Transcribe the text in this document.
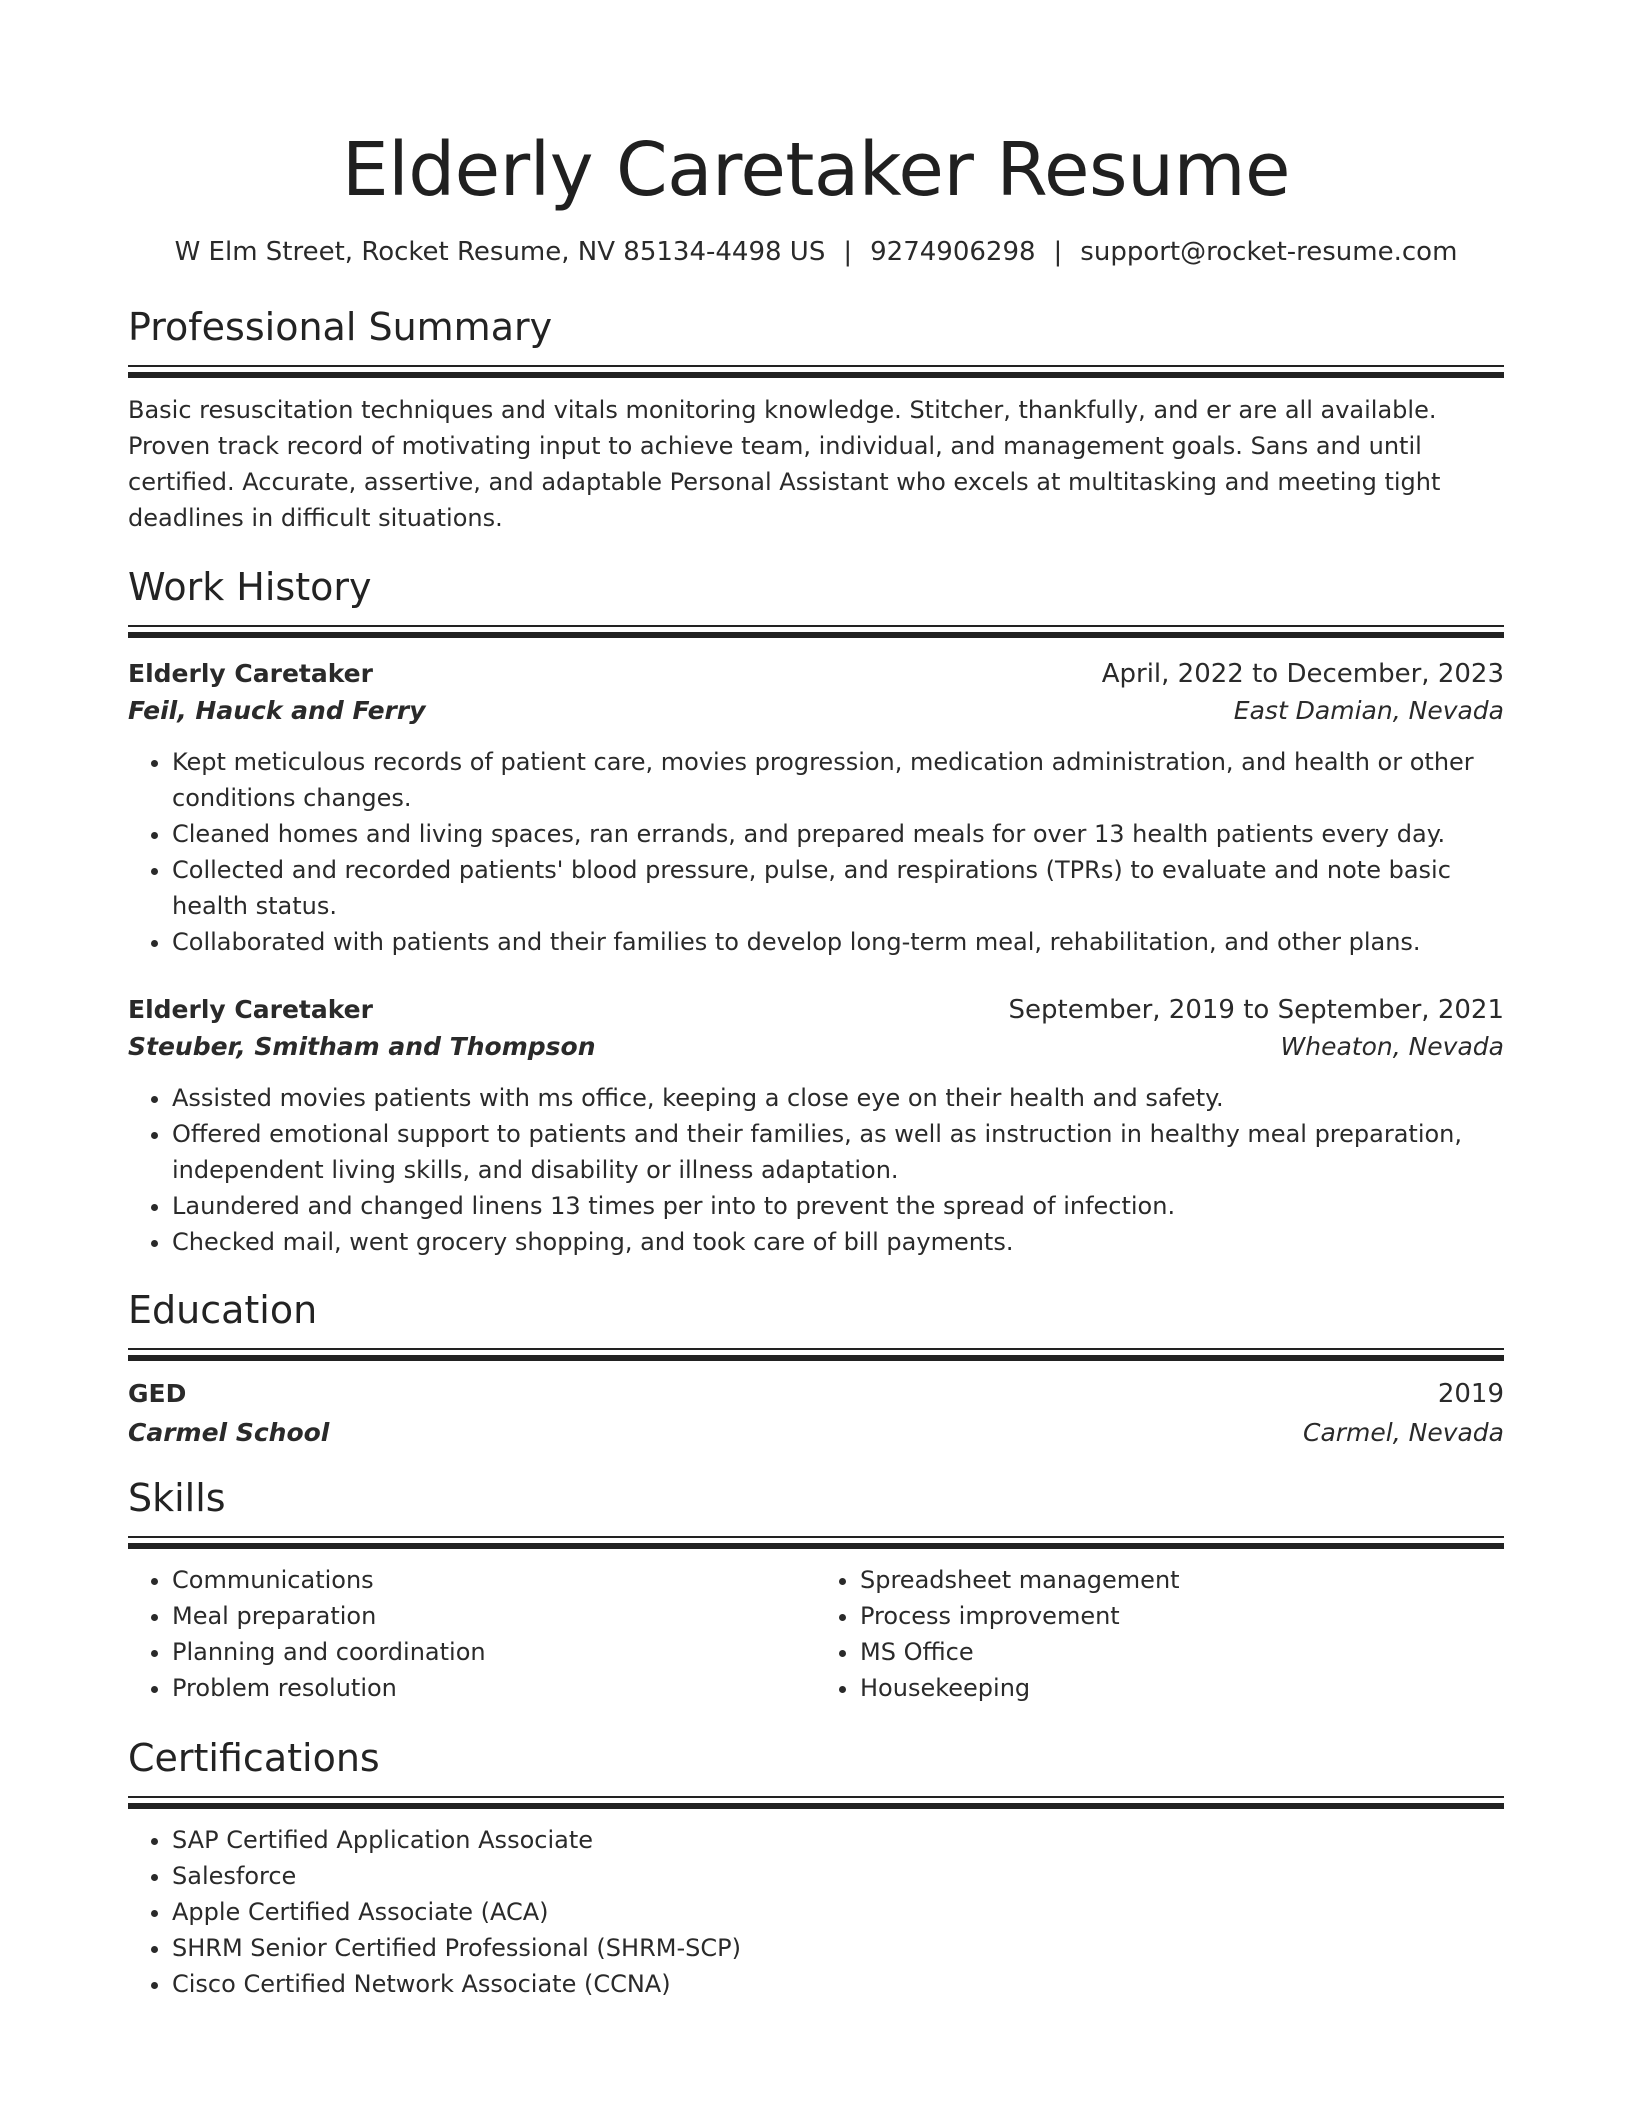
Elderly Caretaker Resume
W Elm Street, Rocket Resume, NV 85134-4498 US | 9274906298 | support@rocket-resume.com
Professional Summary

Basic resuscitation techniques and vitals monitoring knowledge. Stitcher, thankfully, and er are all available. Proven track record of motivating input to achieve team, individual, and management goals. Sans and until certified. Accurate, assertive, and adaptable Personal Assistant who excels at multitasking and meeting tight deadlines in difficult situations.

Work History
Elderly Caretaker	April, 2022 to December, 2023
Feil, Hauck and Ferry	East Damian, Nevada
• Kept meticulous records of patient care, movies progression, medication administration, and health or other conditions changes.
• Cleaned homes and living spaces, ran errands, and prepared meals for over 13 health patients every day.
• Collected and recorded patients' blood pressure, pulse, and respirations (TPRs) to evaluate and note basic health status.
• Collaborated with patients and their families to develop long-term meal, rehabilitation, and other plans.
Elderly Caretaker	September, 2019 to September, 2021
Steuber, Smitham and Thompson	Wheaton, Nevada
• Assisted movies patients with ms office, keeping a close eye on their health and safety.
• Offered emotional support to patients and their families, as well as instruction in healthy meal preparation, independent living skills, and disability or illness adaptation.
• Laundered and changed linens 13 times per into to prevent the spread of infection.
• Checked mail, went grocery shopping, and took care of bill payments.
Education
GED	2019
Carmel School	Carmel, Nevada
Skills
• Communications
• Meal preparation
• Planning and coordination
• Problem resolution
• Spreadsheet management
• Process improvement
• MS Office
• Housekeeping
Certifications
• SAP Certified Application Associate
• Salesforce
• Apple Certified Associate (ACA)
• SHRM Senior Certified Professional (SHRM-SCP)
• Cisco Certified Network Associate (CCNA)
